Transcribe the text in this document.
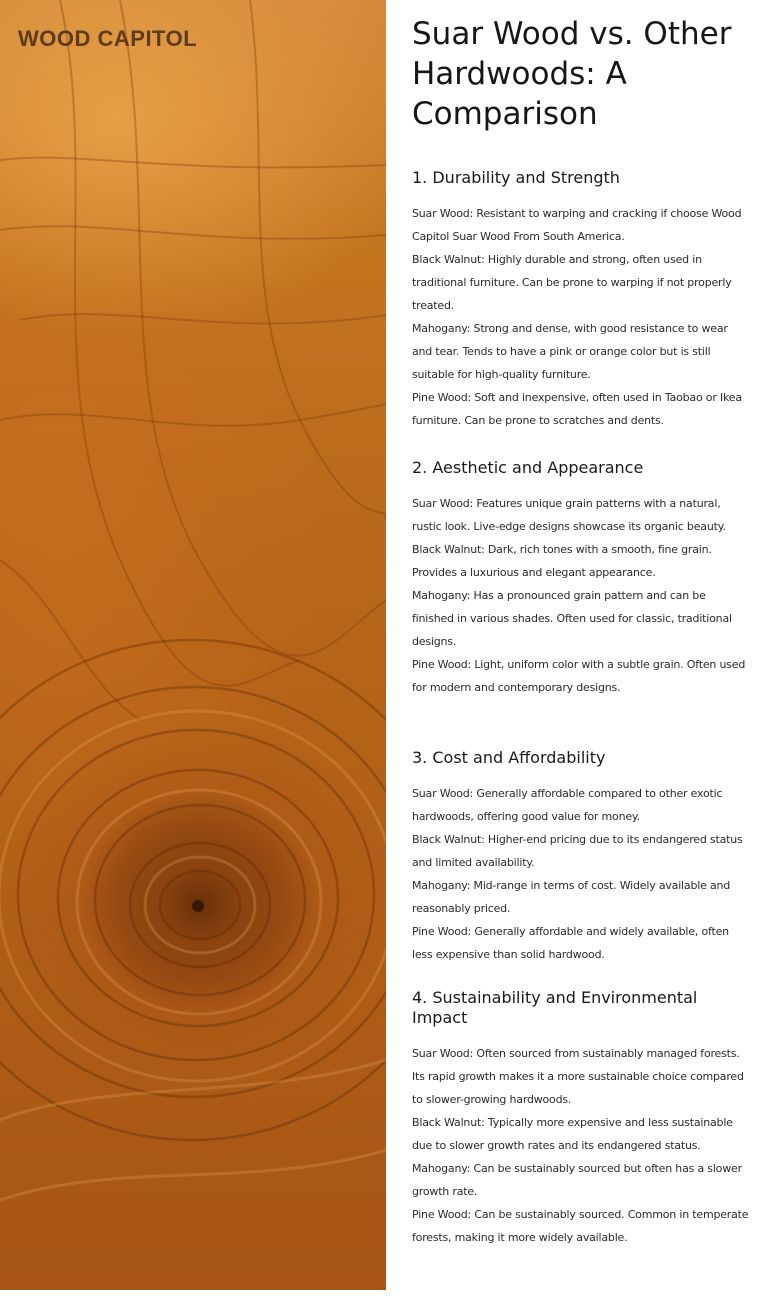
WOOD CAPITOL	Suar Wood vs. Other Hardwoods: A Comparison
1. Durability and Strength

Suar Wood: Resistant to warping and cracking if choose Wood Capitol Suar Wood From South America.

Black Walnut: Highly durable and strong, often used in traditional furniture. Can be prone to warping if not properly treated.

Mahogany: Strong and dense, with good resistance to wear and tear. Tends to have a pink or orange color but is still suitable for high-quality furniture.

Pine Wood: Soft and inexpensive, often used in Taobao or Ikea furniture. Can be prone to scratches and dents.

2. Aesthetic and Appearance

Suar Wood: Features unique grain patterns with a natural, rustic look. Live-edge designs showcase its organic beauty.

Black Walnut: Dark, rich tones with a smooth, fine grain. Provides a luxurious and elegant appearance.

Mahogany: Has a pronounced grain pattern and can be finished in various shades. Often used for classic, traditional designs.

Pine Wood: Light, uniform color with a subtle grain. Often used for modern and contemporary designs.

3. Cost and Affordability

Suar Wood: Generally affordable compared to other exotic hardwoods, offering good value for money.

Black Walnut: Higher-end pricing due to its endangered status and limited availability.

Mahogany: Mid-range in terms of cost. Widely available and reasonably priced.

Pine Wood: Generally affordable and widely available, often less expensive than solid hardwood.

4. Sustainability and Environmental Impact

Suar Wood: Often sourced from sustainably managed forests. Its rapid growth makes it a more sustainable choice compared to slower-growing hardwoods.

Black Walnut: Typically more expensive and less sustainable due to slower growth rates and its endangered status.

Mahogany: Can be sustainably sourced but often has a slower growth rate.

Pine Wood: Can be sustainably sourced. Common in temperate forests, making it more widely available.
